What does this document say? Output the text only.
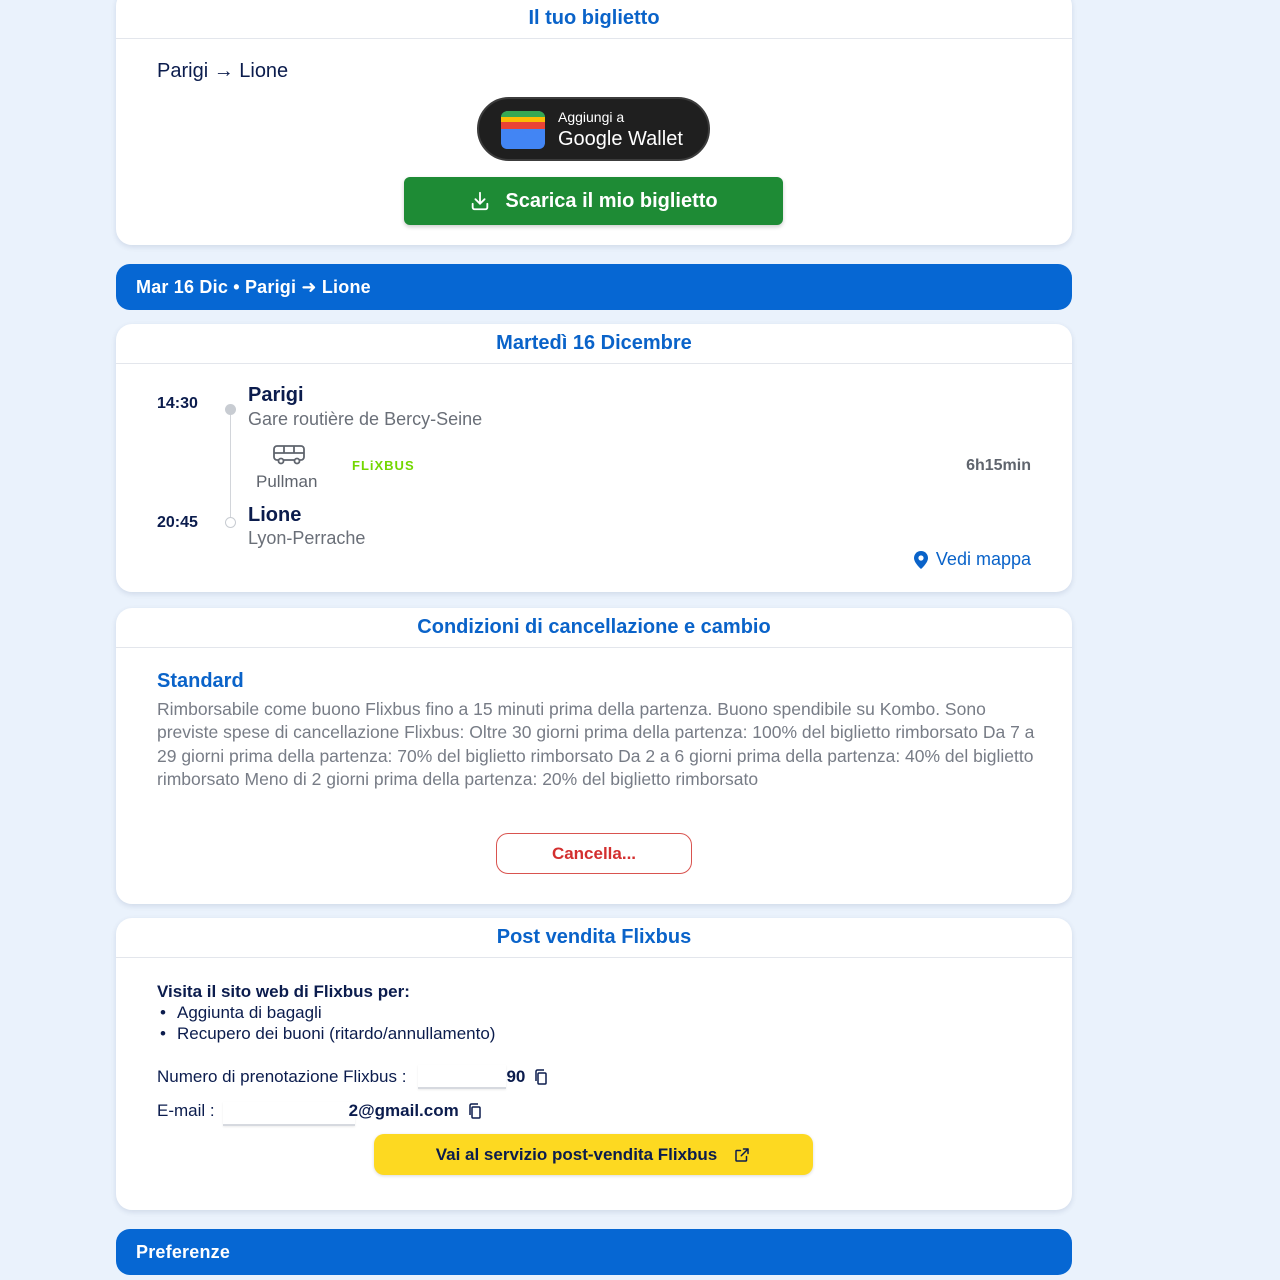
Il tuo biglietto
Parigi → Lione
Aggiungi a
Google Wallet
Scarica il mio biglietto
Mar 16 Dic • Parigi ➜ Lione
Martedì 16 Dicembre
14:30	Parigi
Gare routière de Bercy-Seine
Pullman
FLiXBUS	6h15min
20:45	Lione
Lyon-Perrache
Vedi mappa
Condizioni di cancellazione e cambio
Standard
Rimborsabile come buono Flixbus fino a 15 minuti prima della partenza. Buono spendibile su Kombo. Sono previste spese di cancellazione Flixbus: Oltre 30 giorni prima della partenza: 100% del biglietto rimborsato Da 7 a 29 giorni prima della partenza: 70% del biglietto rimborsato Da 2 a 6 giorni prima della partenza: 40% del biglietto rimborsato Meno di 2 giorni prima della partenza: 20% del biglietto rimborsato
Cancella...
Post vendita Flixbus
Visita il sito web di Flixbus per:
• Aggiunta di bagagli
• Recupero dei buoni (ritardo/annullamento)
Numero di prenotazione Flixbus :	90
E-mail :	2@gmail.com
Vai al servizio post-vendita Flixbus
Preferenze
